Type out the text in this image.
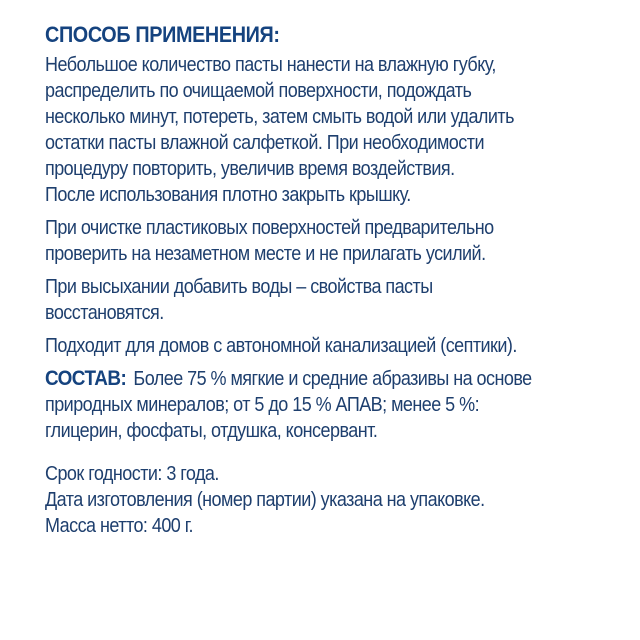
СПОСОБ ПРИМЕНЕНИЯ:
Небольшое количество пасты нанести на влажную губку,
распределить по очищаемой поверхности, подождать
несколько минут, потереть, затем смыть водой или удалить
остатки пасты влажной салфеткой. При необходимости
процедуру повторить, увеличив время воздействия.
После использования плотно закрыть крышку.
При очистке пластиковых поверхностей предварительно
проверить на незаметном месте и не прилагать усилий.
При высыхании добавить воды – свойства пасты
восстановятся.
Подходит для домов с автономной канализацией (септики).
СОСТАВ: Более 75 % мягкие и средние абразивы на основе
природных минералов; от 5 до 15 % АПАВ; менее 5 %:
глицерин, фосфаты, отдушка, консервант.
Срок годности: 3 года.
Дата изготовления (номер партии) указана на упаковке.
Масса нетто: 400 г.
